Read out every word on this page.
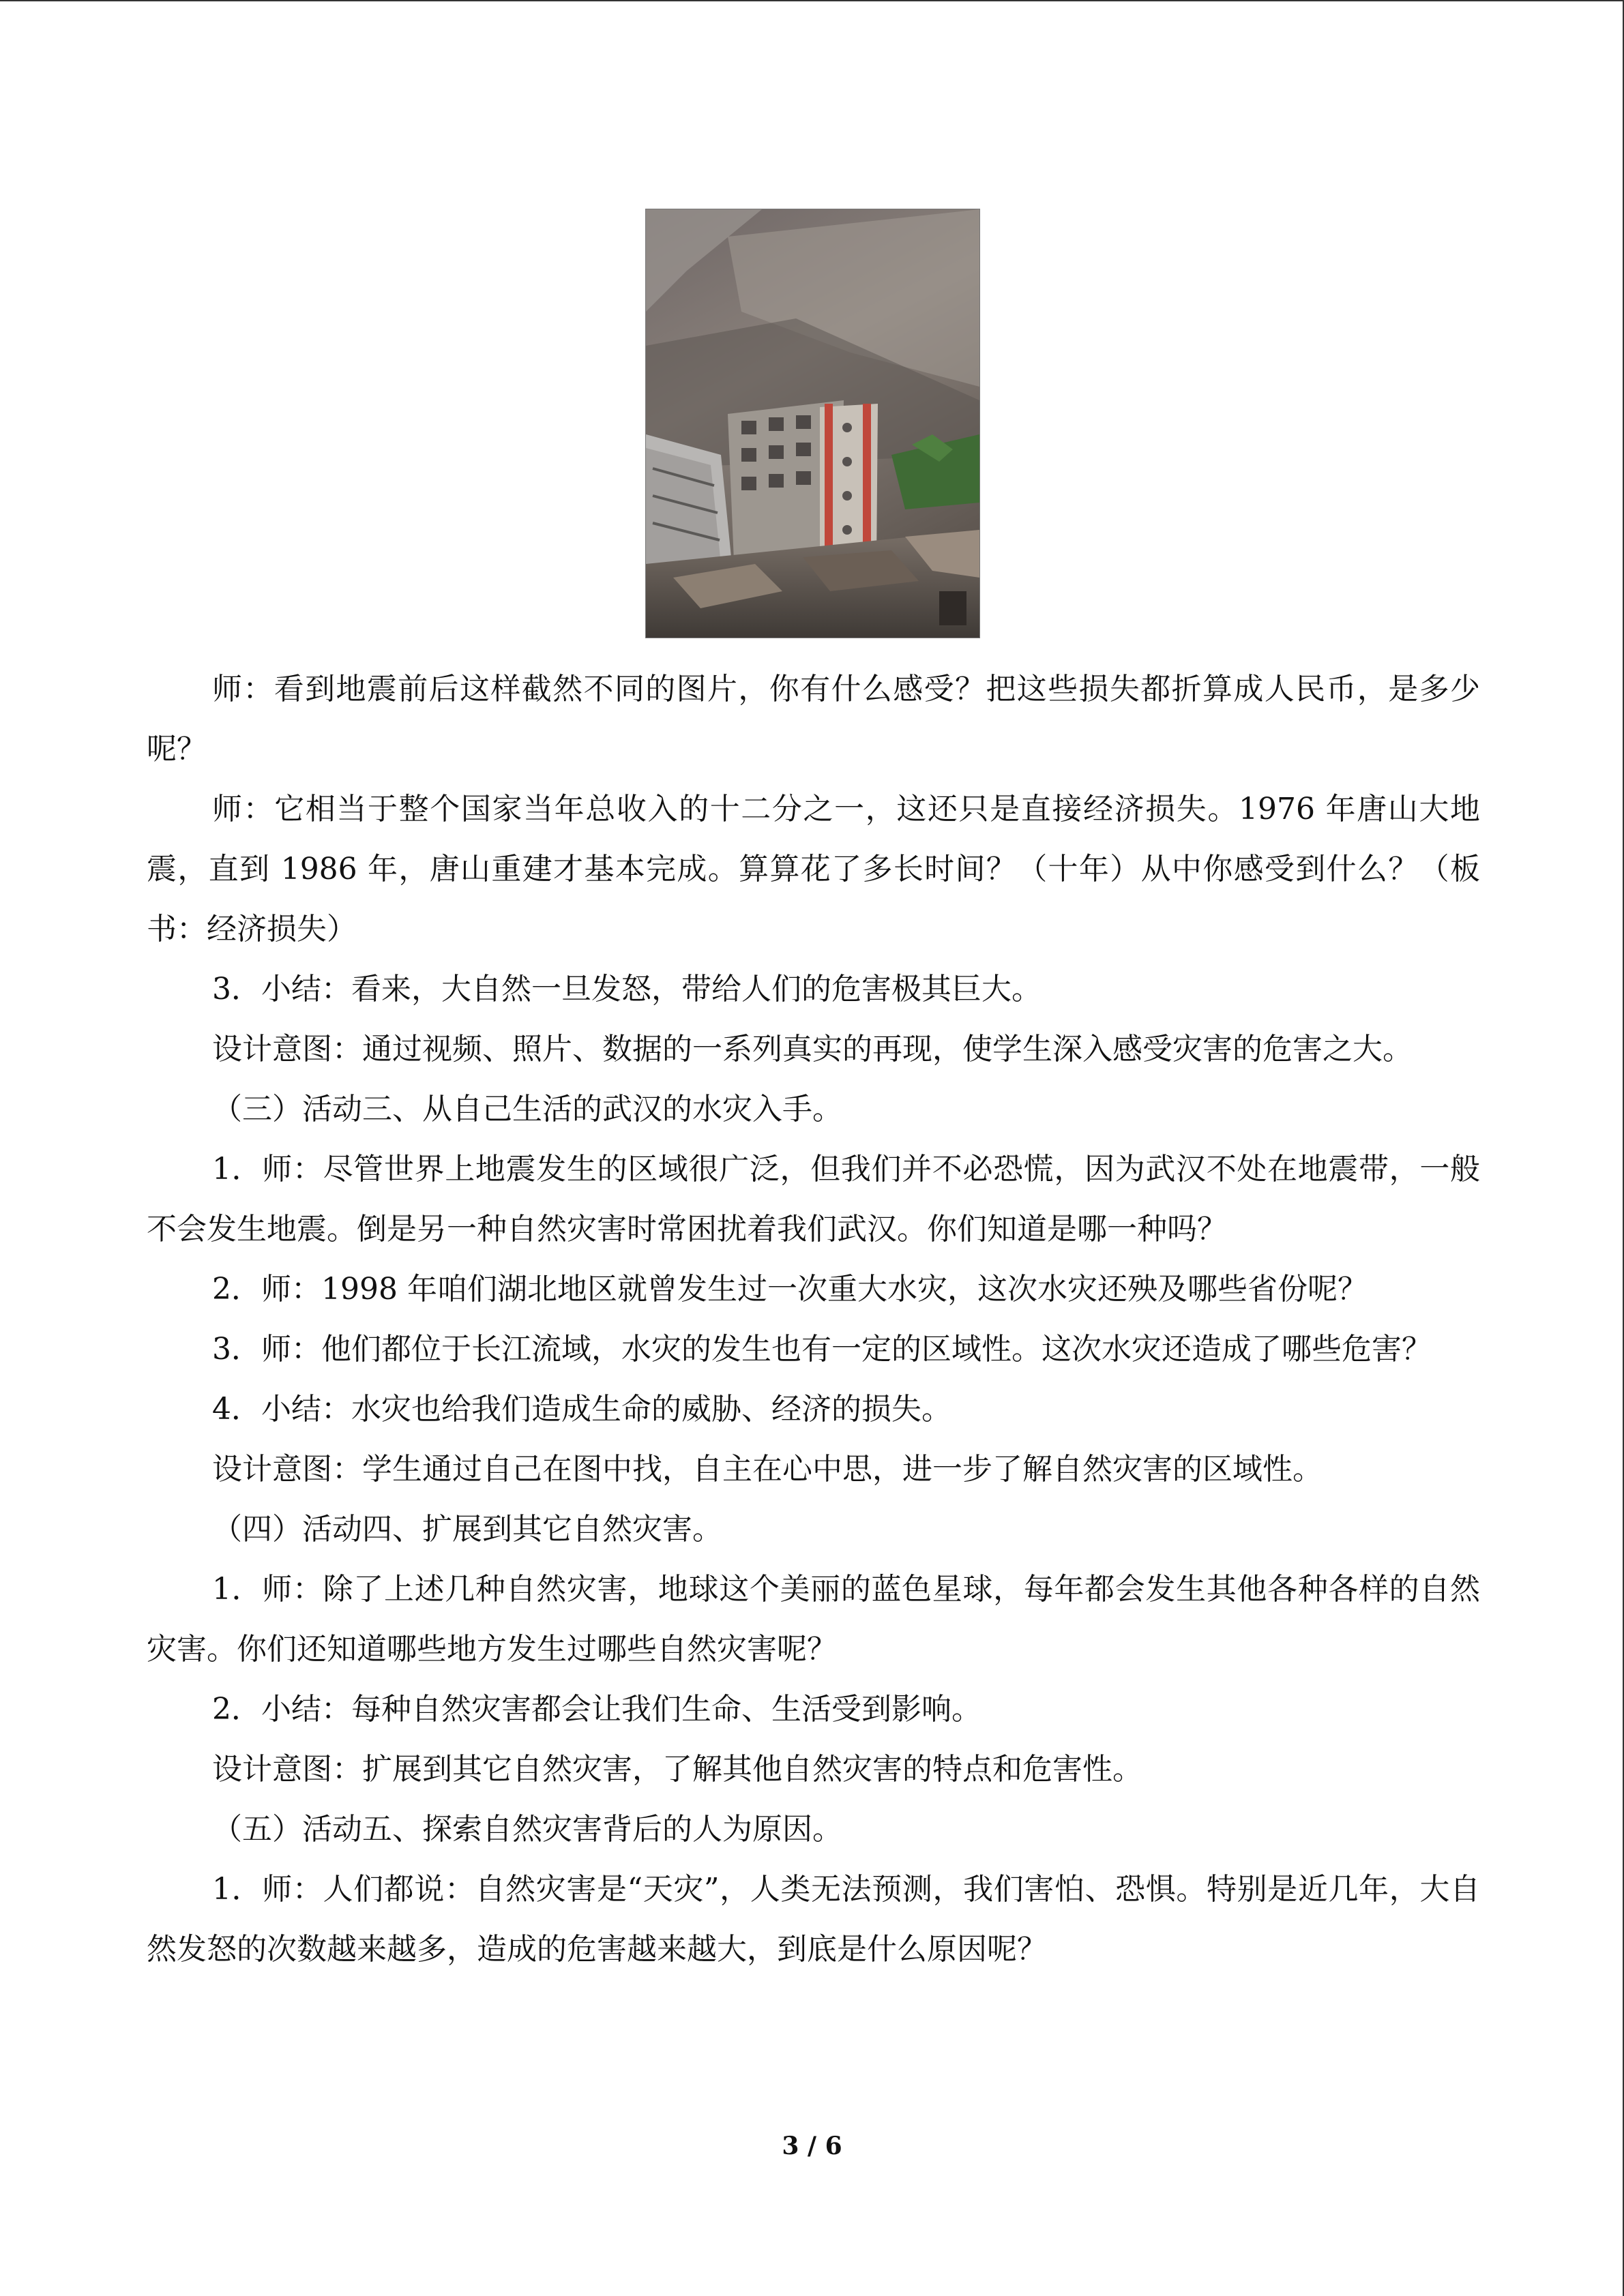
师：看到地震前后这样截然不同的图片，你有什么感受？把这些损失都折算成人民币，是多少呢？

师：它相当于整个国家当年总收入的十二分之一，这还只是直接经济损失。1976 年唐山大地震，直到 1986 年，唐山重建才基本完成。算算花了多长时间？（十年）从中你感受到什么？（板书：经济损失）

3．小结：看来，大自然一旦发怒，带给人们的危害极其巨大。

设计意图：通过视频、照片、数据的一系列真实的再现，使学生深入感受灾害的危害之大。

（三）活动三、从自己生活的武汉的水灾入手。

1．师：尽管世界上地震发生的区域很广泛，但我们并不必恐慌，因为武汉不处在地震带，一般不会发生地震。倒是另一种自然灾害时常困扰着我们武汉。你们知道是哪一种吗？

2．师：1998 年咱们湖北地区就曾发生过一次重大水灾，这次水灾还殃及哪些省份呢？

3．师：他们都位于长江流域，水灾的发生也有一定的区域性。这次水灾还造成了哪些危害？

4．小结：水灾也给我们造成生命的威胁、经济的损失。

设计意图：学生通过自己在图中找，自主在心中思，进一步了解自然灾害的区域性。

（四）活动四、扩展到其它自然灾害。

1．师：除了上述几种自然灾害，地球这个美丽的蓝色星球，每年都会发生其他各种各样的自然灾害。你们还知道哪些地方发生过哪些自然灾害呢？

2．小结：每种自然灾害都会让我们生命、生活受到影响。

设计意图：扩展到其它自然灾害，了解其他自然灾害的特点和危害性。

（五）活动五、探索自然灾害背后的人为原因。

1．师：人们都说：自然灾害是“天灾”，人类无法预测，我们害怕、恐惧。特别是近几年，大自然发怒的次数越来越多，造成的危害越来越大，到底是什么原因呢？

3 / 6
